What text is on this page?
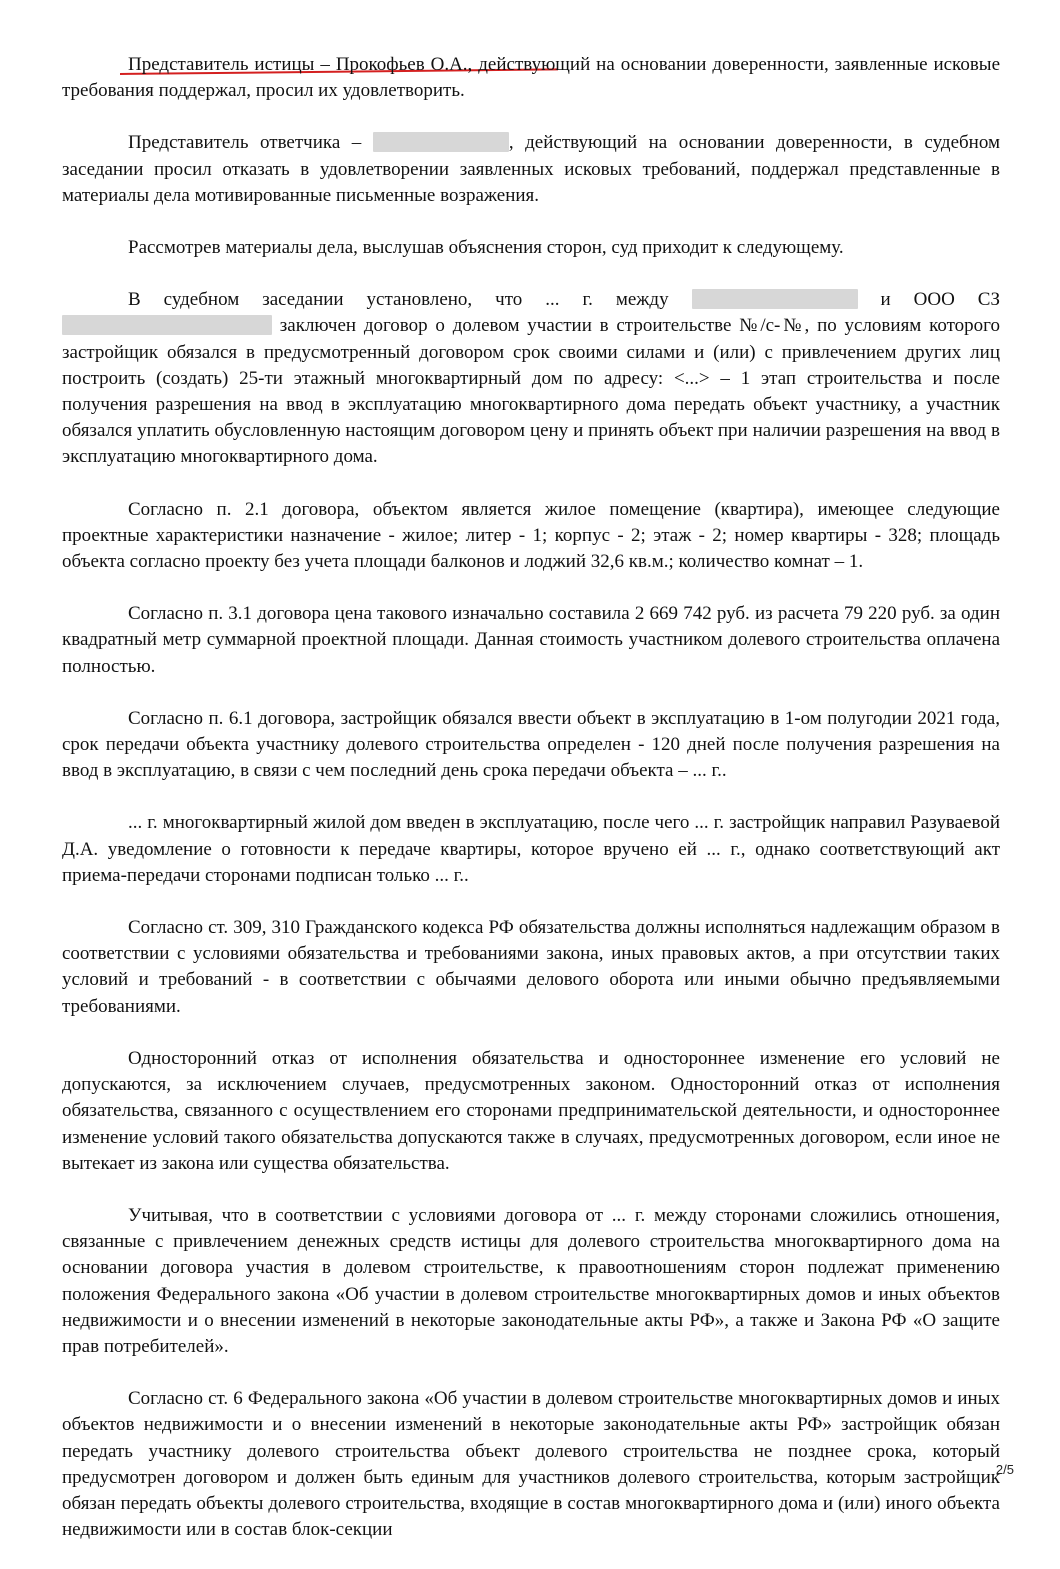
Представитель истицы – Прокофьев О.А., действующий на основании доверенности, заявленные исковые требования поддержал, просил их удовлетворить.

Представитель ответчика –	, действующий на основании доверенности, в судебном заседании просил отказать в удовлетворении заявленных исковых требований, поддержал представленные в материалы дела мотивированные письменные возражения.

Рассмотрев материалы дела, выслушав объяснения сторон, суд приходит к следующему.

В судебном заседании установлено, что ... г. между	и ООО СЗ  заключен договор о долевом участии в строительстве №/с-№, по условиям которого застройщик обязался в предусмотренный договором срок своими силами и (или) с привлечением других лиц построить (создать) 25-ти этажный многоквартирный дом по адресу: <...> – 1 этап строительства и после получения разрешения на ввод в эксплуатацию многоквартирного дома передать объект участнику, а участник обязался уплатить обусловленную настоящим договором цену и принять объект при наличии разрешения на ввод в эксплуатацию многоквартирного дома.

Согласно п. 2.1 договора, объектом является жилое помещение (квартира), имеющее следующие проектные характеристики назначение - жилое; литер - 1; корпус - 2; этаж - 2; номер квартиры - 328; площадь объекта согласно проекту без учета площади балконов и лоджий 32,6 кв.м.; количество комнат – 1.

Согласно п. 3.1 договора цена такового изначально составила 2 669 742 руб. из расчета 79 220 руб. за один квадратный метр суммарной проектной площади. Данная стоимость участником долевого строительства оплачена полностью.

Согласно п. 6.1 договора, застройщик обязался ввести объект в эксплуатацию в 1-ом полугодии 2021 года, срок передачи объекта участнику долевого строительства определен - 120 дней после получения разрешения на ввод в эксплуатацию, в связи с чем последний день срока передачи объекта – ... г..

... г. многоквартирный жилой дом введен в эксплуатацию, после чего ... г. застройщик направил Разуваевой Д.А. уведомление о готовности к передаче квартиры, которое вручено ей ... г., однако соответствующий акт приема-передачи сторонами подписан только ... г..

Согласно ст. 309, 310 Гражданского кодекса РФ обязательства должны исполняться надлежащим образом в соответствии с условиями обязательства и требованиями закона, иных правовых актов, а при отсутствии таких условий и требований - в соответствии с обычаями делового оборота или иными обычно предъявляемыми требованиями.

Односторонний отказ от исполнения обязательства и одностороннее изменение его условий не допускаются, за исключением случаев, предусмотренных законом. Односторонний отказ от исполнения обязательства, связанного с осуществлением его сторонами предпринимательской деятельности, и одностороннее изменение условий такого обязательства допускаются также в случаях, предусмотренных договором, если иное не вытекает из закона или существа обязательства.

Учитывая, что в соответствии с условиями договора от ... г. между сторонами сложились отношения, связанные с привлечением денежных средств истицы для долевого строительства многоквартирного дома на основании договора участия в долевом строительстве, к правоотношениям сторон подлежат применению положения Федерального закона «Об участии в долевом строительстве многоквартирных домов и иных объектов недвижимости и о внесении изменений в некоторые законодательные акты РФ», а также и Закона РФ «О защите прав потребителей».

Согласно ст. 6 Федерального закона «Об участии в долевом строительстве многоквартирных домов и иных объектов недвижимости и о внесении изменений в некоторые законодательные акты РФ» застройщик обязан передать участнику долевого строительства объект долевого строительства не позднее срока, который предусмотрен договором и должен быть единым для участников долевого строительства, которым застройщик обязан передать объекты долевого строительства, входящие в состав многоквартирного дома и (или) иного объекта недвижимости или в состав блок-секции

2/5
